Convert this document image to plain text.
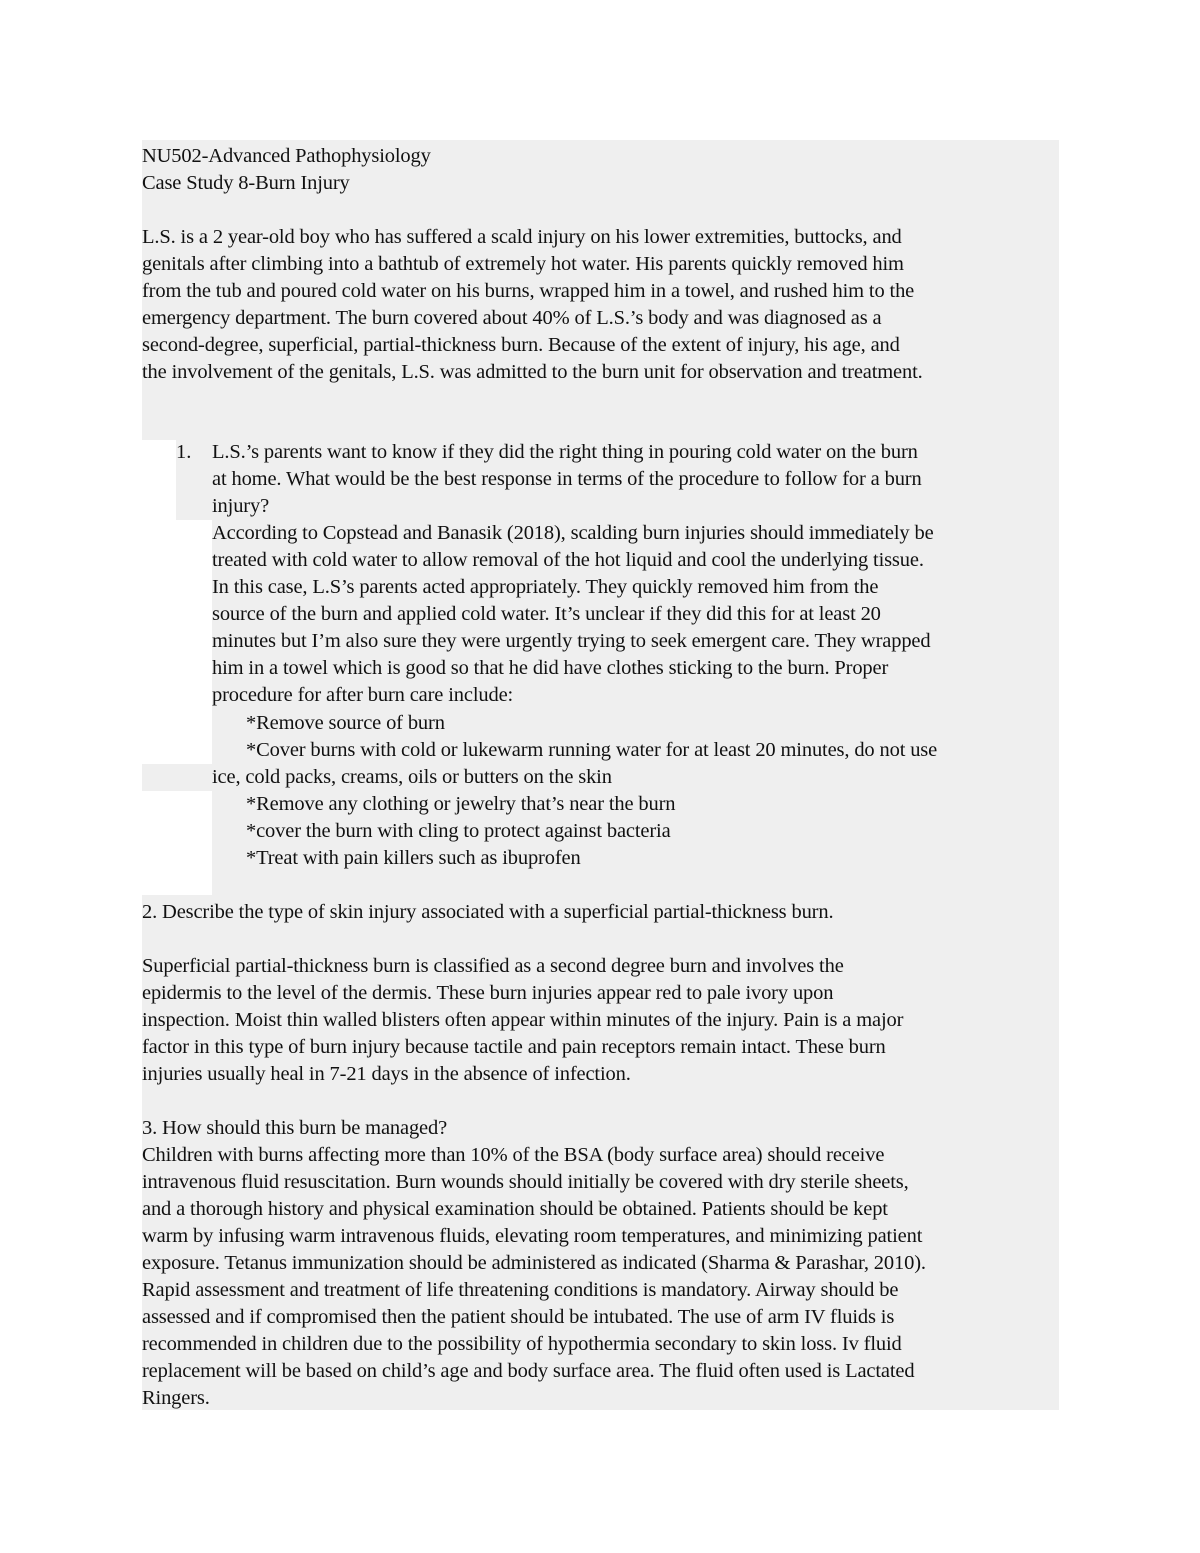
NU502-Advanced Pathophysiology
Case Study 8-Burn Injury
L.S. is a 2 year-old boy who has suffered a scald injury on his lower extremities, buttocks, and
genitals after climbing into a bathtub of extremely hot water. His parents quickly removed him
from the tub and poured cold water on his burns, wrapped him in a towel, and rushed him to the
emergency department. The burn covered about 40% of L.S.’s body and was diagnosed as a
second-degree, superficial, partial-thickness burn. Because of the extent of injury, his age, and
the involvement of the genitals, L.S. was admitted to the burn unit for observation and treatment.
1. L.S.’s parents want to know if they did the right thing in pouring cold water on the burn
at home. What would be the best response in terms of the procedure to follow for a burn
injury?
According to Copstead and Banasik (2018), scalding burn injuries should immediately be
treated with cold water to allow removal of the hot liquid and cool the underlying tissue.
In this case, L.S’s parents acted appropriately. They quickly removed him from the
source of the burn and applied cold water. It’s unclear if they did this for at least 20
minutes but I’m also sure they were urgently trying to seek emergent care. They wrapped
him in a towel which is good so that he did have clothes sticking to the burn. Proper
procedure for after burn care include:
*Remove source of burn
*Cover burns with cold or lukewarm running water for at least 20 minutes, do not use
ice, cold packs, creams, oils or butters on the skin
*Remove any clothing or jewelry that’s near the burn
*cover the burn with cling to protect against bacteria
*Treat with pain killers such as ibuprofen
2. Describe the type of skin injury associated with a superficial partial-thickness burn.
Superficial partial-thickness burn is classified as a second degree burn and involves the
epidermis to the level of the dermis. These burn injuries appear red to pale ivory upon
inspection. Moist thin walled blisters often appear within minutes of the injury. Pain is a major
factor in this type of burn injury because tactile and pain receptors remain intact. These burn
injuries usually heal in 7-21 days in the absence of infection.
3. How should this burn be managed?
Children with burns affecting more than 10% of the BSA (body surface area) should receive
intravenous fluid resuscitation. Burn wounds should initially be covered with dry sterile sheets,
and a thorough history and physical examination should be obtained. Patients should be kept
warm by infusing warm intravenous fluids, elevating room temperatures, and minimizing patient
exposure. Tetanus immunization should be administered as indicated (Sharma & Parashar, 2010).
Rapid assessment and treatment of life threatening conditions is mandatory. Airway should be
assessed and if compromised then the patient should be intubated. The use of arm IV fluids is
recommended in children due to the possibility of hypothermia secondary to skin loss. Iv fluid
replacement will be based on child’s age and body surface area. The fluid often used is Lactated
Ringers.
